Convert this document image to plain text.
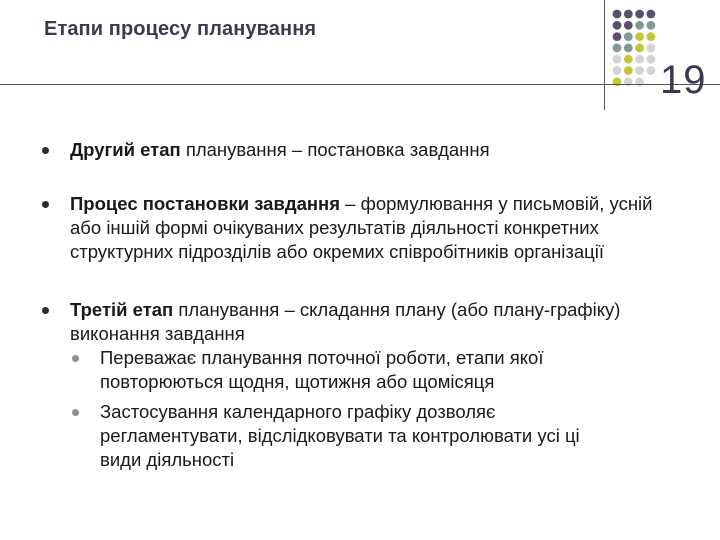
Етапи процесу планування
19
Другий етап планування – постановка завдання
Процес постановки завдання – формулювання у письмовій, усній або іншій формі очікуваних результатів діяльності конкретних структурних підрозділів або окремих співробітників організації
Третій етап планування – складання плану (або плану-графіку) виконання завдання
Переважає планування поточної роботи, етапи якої повторюються щодня, щотижня або щомісяця
Застосування календарного графіку дозволяє регламентувати, відслідковувати та контролювати усі ці види діяльності
